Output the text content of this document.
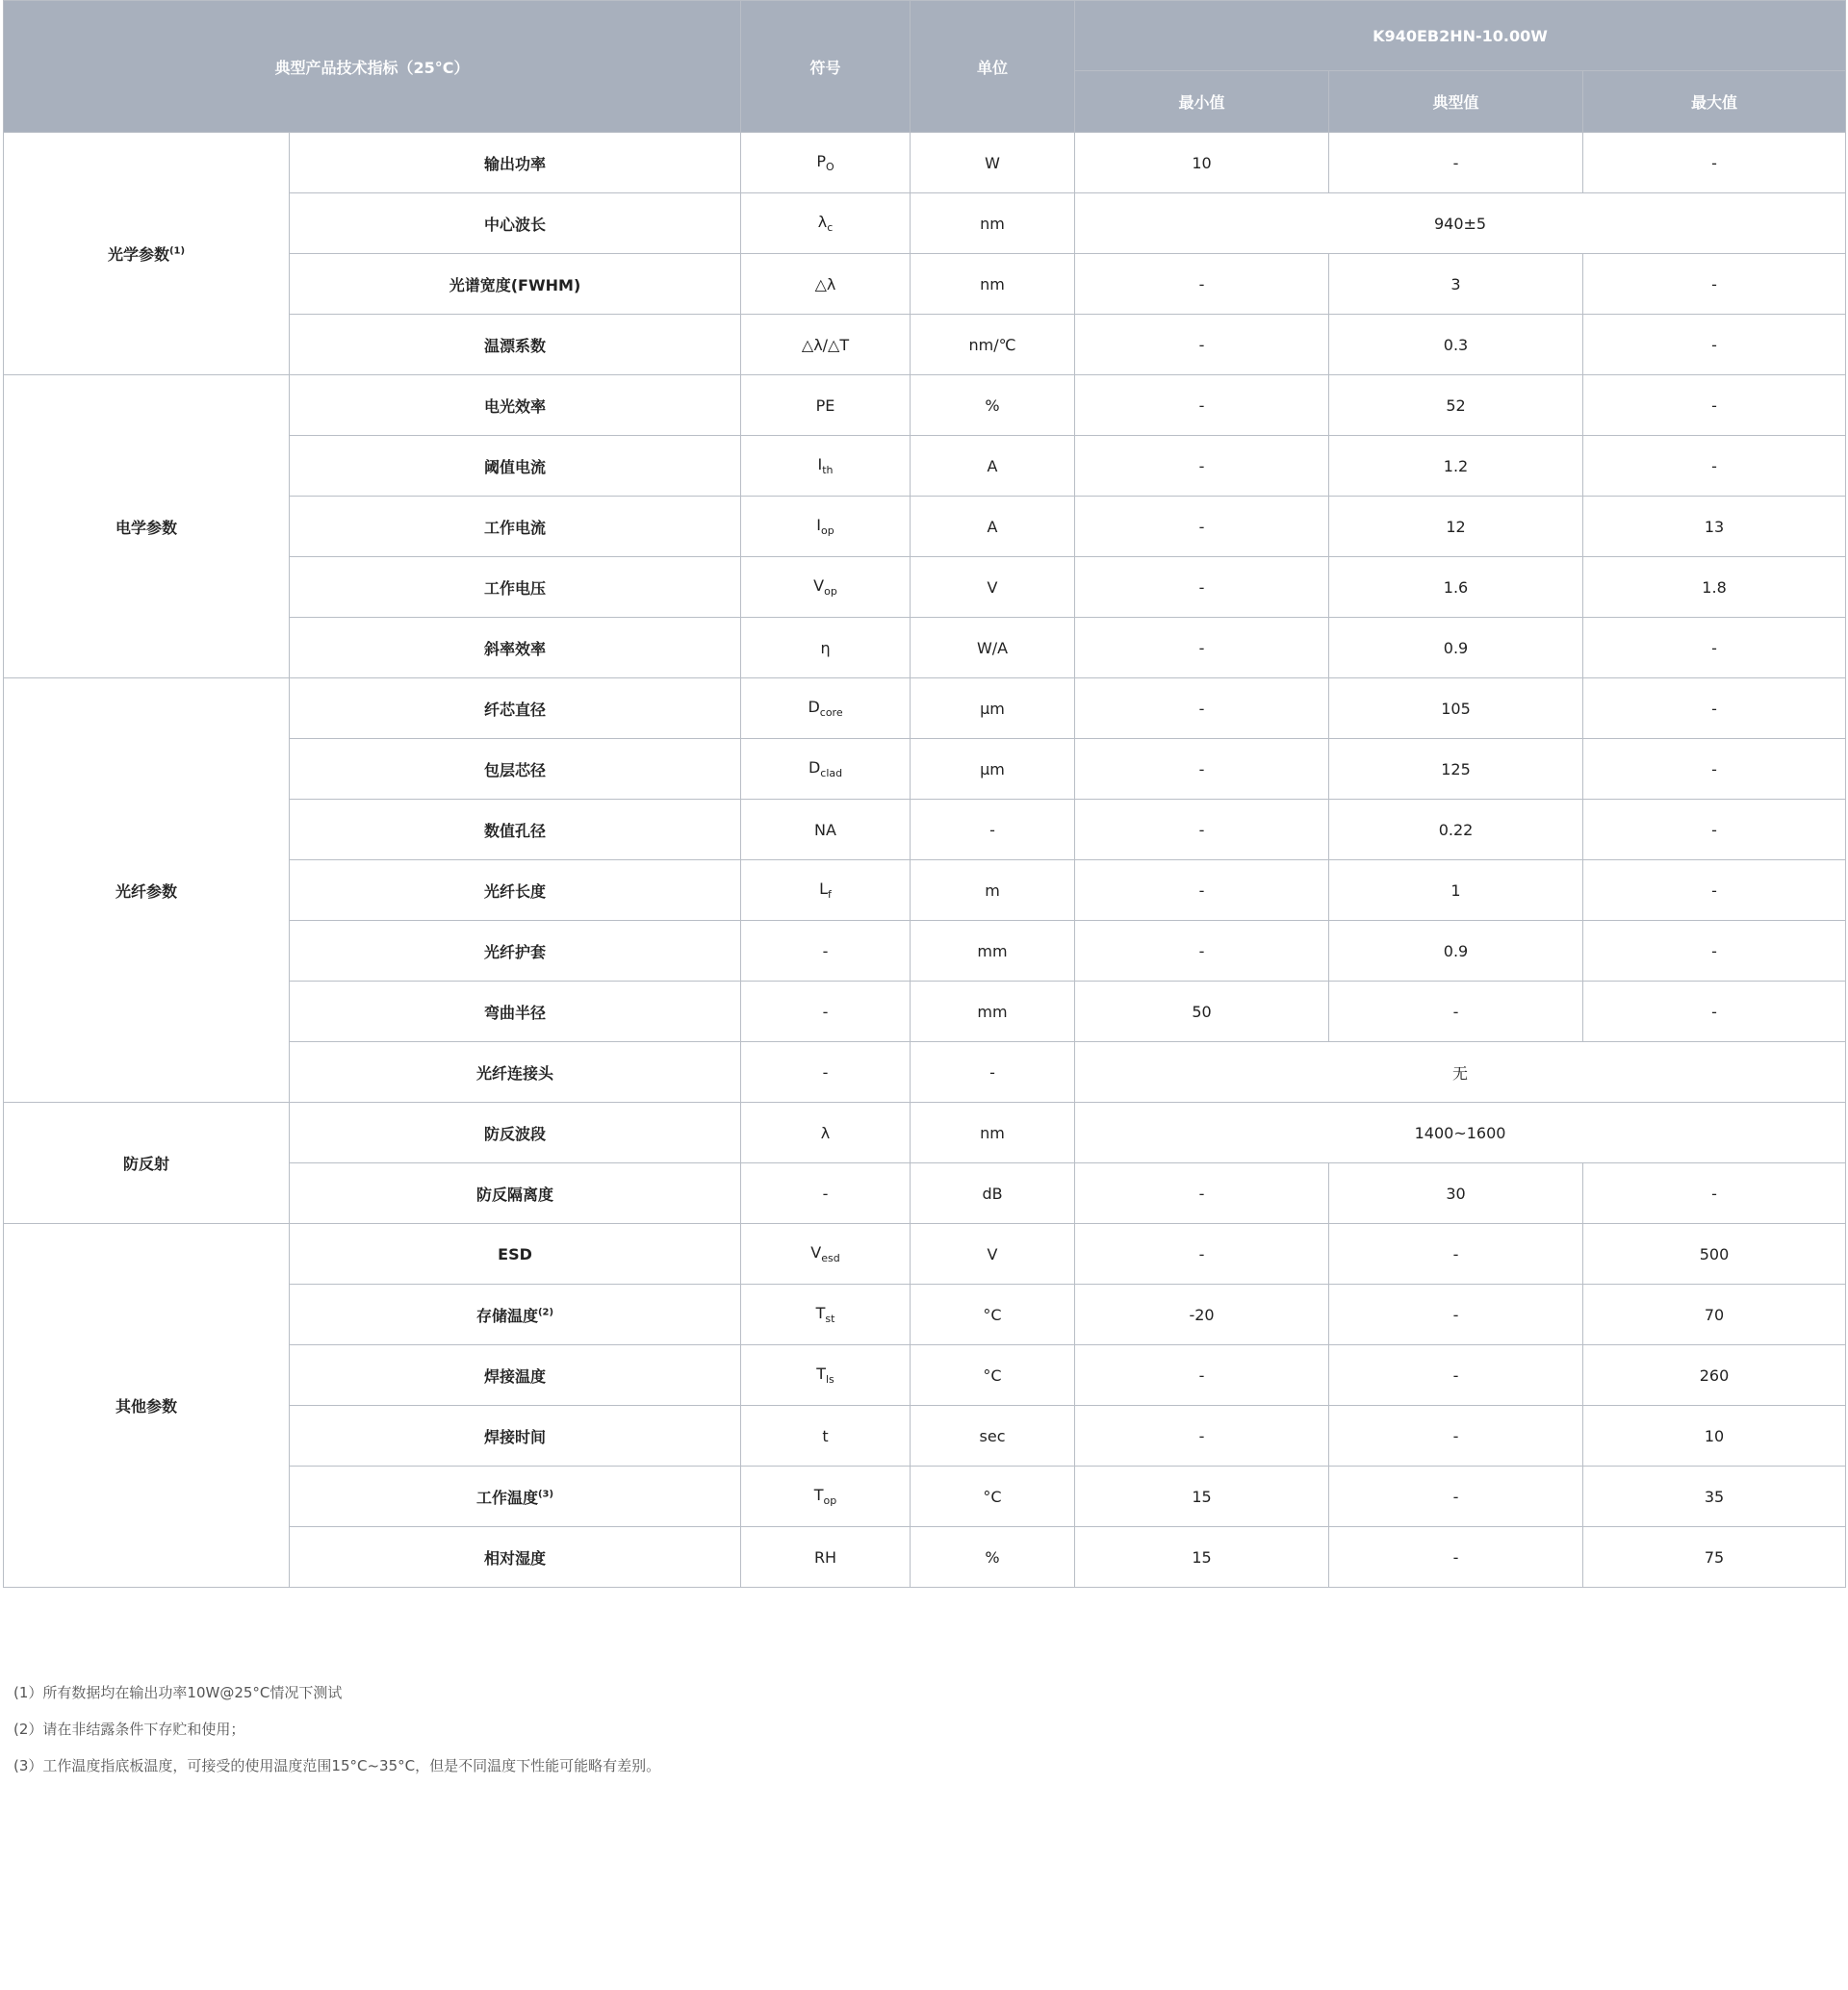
典型产品技术指标（25°C）		符号	单位	K940EB2HN-10.00W		
				最小值	典型值	最大值
光学参数$^{(1)}$	输出功率	$P_O$	W	10	-	-
	中心波长	$\lambda_c$	nm	940±5		
	光谱宽度(FWHM)	△λ	nm	-	3	-
	温漂系数	△λ/△T	nm/℃	-	0.3	-
电学参数	电光效率	PE	%	-	52	-
	阈值电流	$I_{th}$	A	-	1.2	-
	工作电流	$I_{op}$	A	-	12	13
	工作电压	$V_{op}$	V	-	1.6	1.8
	斜率效率	η	W/A	-	0.9	-
光纤参数	纤芯直径	$D_{core}$	μm	-	105	-
	包层芯径	$D_{clad}$	μm	-	125	-
	数值孔径	NA	-	-	0.22	-
	光纤长度	$L_f$	m	-	1	-
	光纤护套	-	mm	-	0.9	-
	弯曲半径	-	mm	50	-	-
	光纤连接头	-	-	无		
防反射	防反波段	λ	nm	1400~1600		
	防反隔离度	-	dB	-	30	-
其他参数	ESD	$V_{esd}$	V	-	-	500
	存储温度$^{(2)}$	$T_{st}$	°C	-20	-	70
	焊接温度	$T_{ls}$	°C	-	-	260
	焊接时间	t	sec	-	-	10
	工作温度$^{(3)}$	$T_{op}$	°C	15	-	35
	相对湿度	RH	%	15	-	75
(1）所有数据均在输出功率10W@25°C情况下测试
(2）请在非结露条件下存贮和使用；
(3）工作温度指底板温度，可接受的使用温度范围15°C~35°C，但是不同温度下性能可能略有差别。
